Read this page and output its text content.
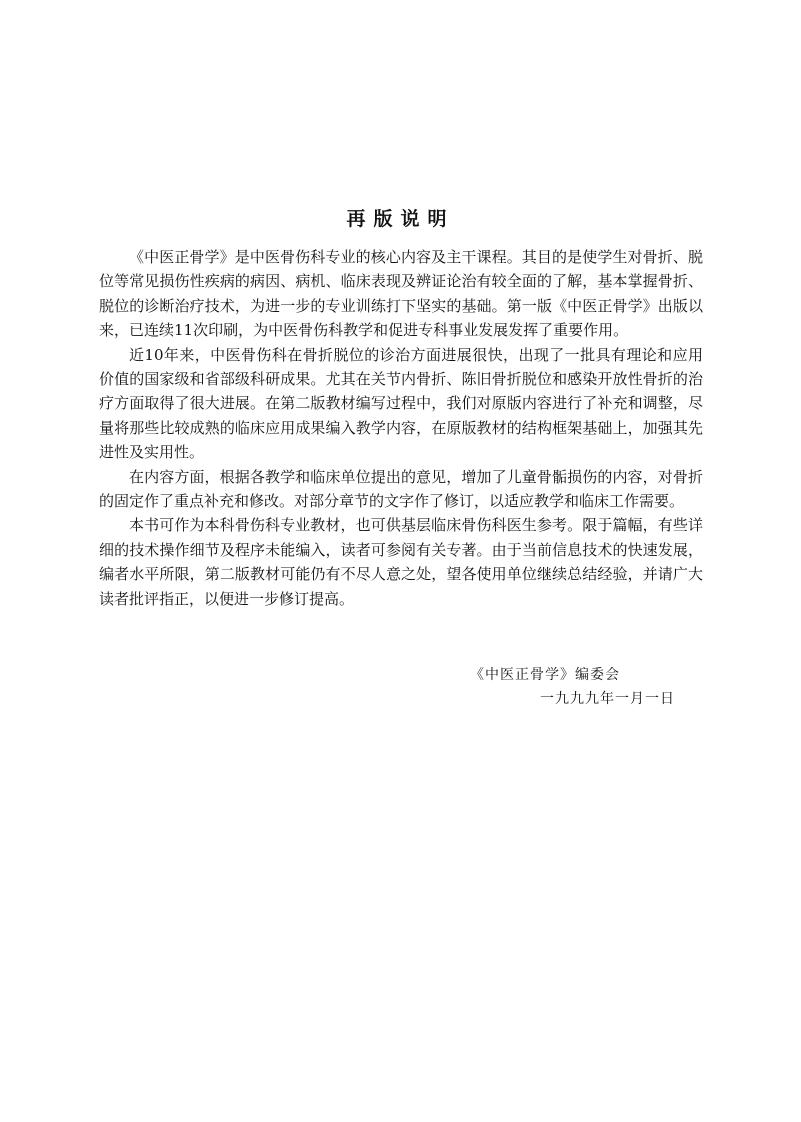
再版说明

《中医正骨学》是中医骨伤科专业的核心内容及主干课程。其目的是使学生对骨折、脱位等常见损伤性疾病的病因、病机、临床表现及辨证论治有较全面的了解，基本掌握骨折、脱位的诊断治疗技术，为进一步的专业训练打下坚实的基础。第一版《中医正骨学》出版以来，已连续11次印刷，为中医骨伤科教学和促进专科事业发展发挥了重要作用。

近10年来，中医骨伤科在骨折脱位的诊治方面进展很快，出现了一批具有理论和应用价值的国家级和省部级科研成果。尤其在关节内骨折、陈旧骨折脱位和感染开放性骨折的治疗方面取得了很大进展。在第二版教材编写过程中，我们对原版内容进行了补充和调整，尽量将那些比较成熟的临床应用成果编入教学内容，在原版教材的结构框架基础上，加强其先进性及实用性。

在内容方面，根据各教学和临床单位提出的意见，增加了儿童骨骺损伤的内容，对骨折的固定作了重点补充和修改。对部分章节的文字作了修订，以适应教学和临床工作需要。

本书可作为本科骨伤科专业教材，也可供基层临床骨伤科医生参考。限于篇幅，有些详细的技术操作细节及程序未能编入，读者可参阅有关专著。由于当前信息技术的快速发展，编者水平所限，第二版教材可能仍有不尽人意之处，望各使用单位继续总结经验，并请广大读者批评指正，以便进一步修订提高。

《中医正骨学》编委会
一九九九年一月一日
